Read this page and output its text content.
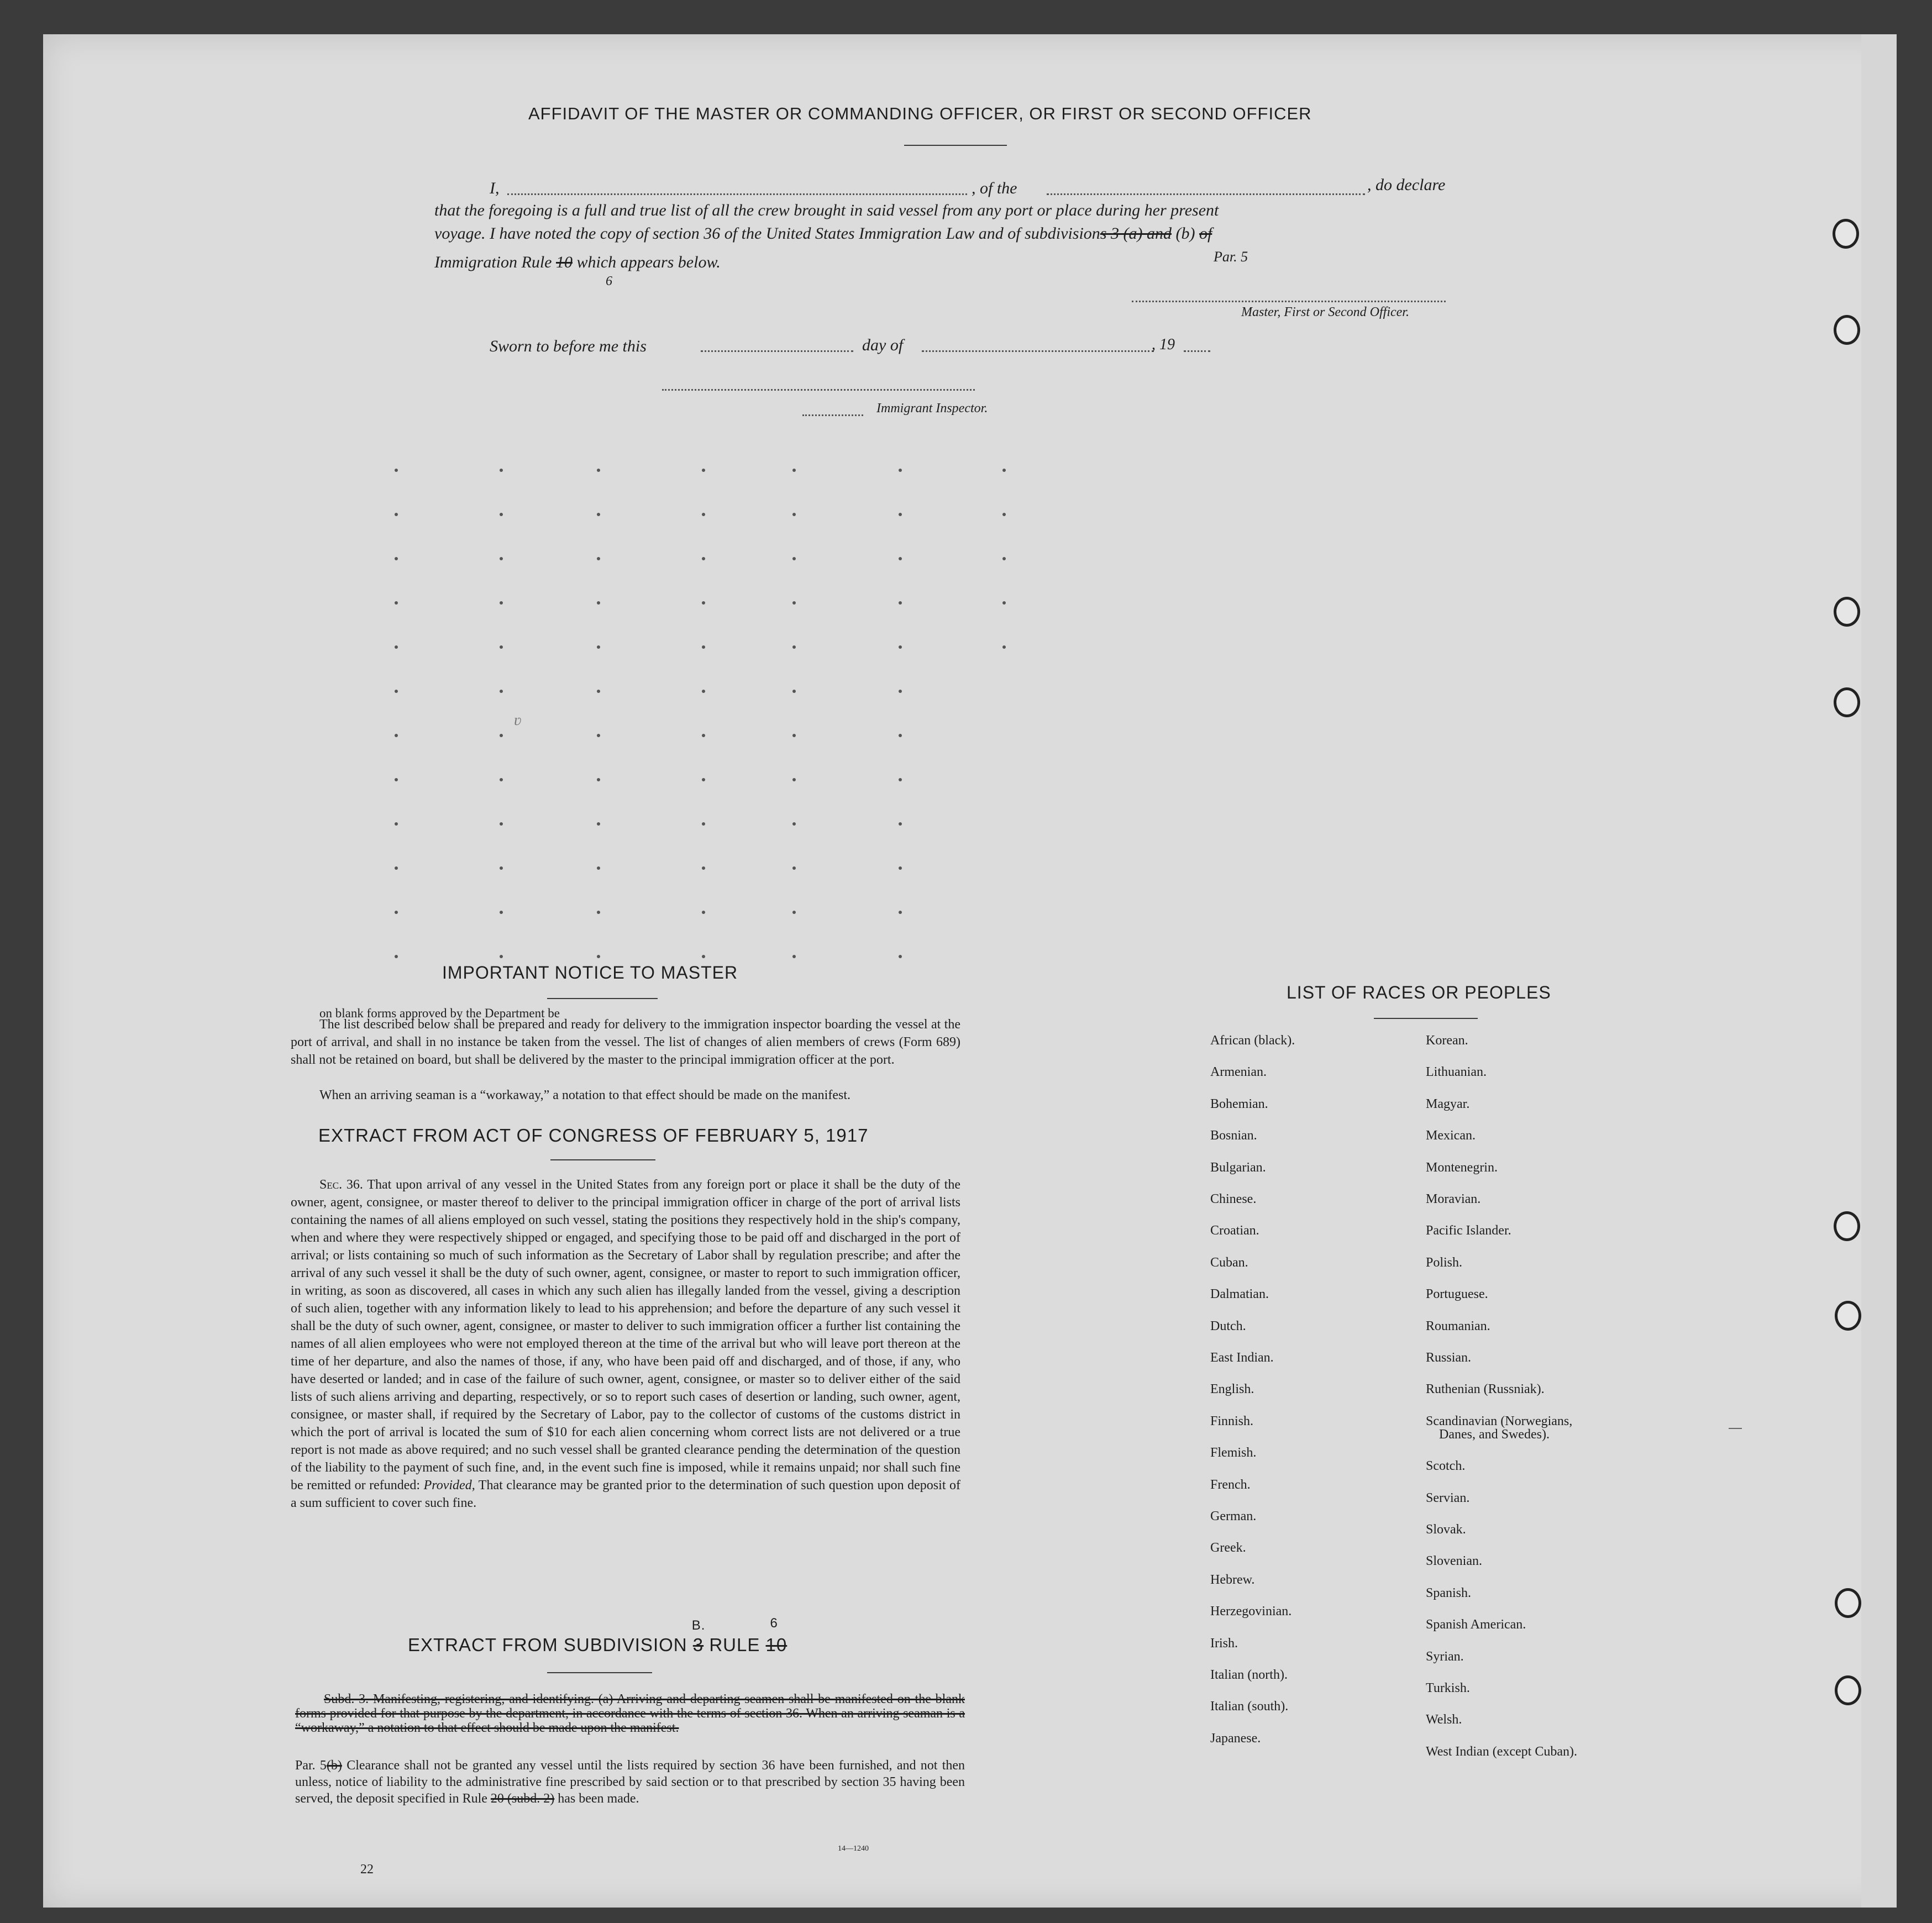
AFFIDAVIT OF THE MASTER OR COMMANDING OFFICER, OR FIRST OR SECOND OFFICER
I,	, of the	, do declare
that the foregoing is a full and true list of all the crew brought in said vessel from any port or place during her present
voyage. I have noted the copy of section 36 of the United States Immigration Law and of subdivisions 3 (a) and (b) of
Par. 5
Immigration Rule 10 which appears below.
6
Master, First or Second Officer.
Sworn to before me this	day of	, 19
Immigrant Inspector.
ʋ
IMPORTANT NOTICE TO MASTER
on blank forms approved by the Department be
The list described below shall be prepared and ready for delivery to the immigration inspector boarding the vessel at the port of arrival, and shall in no instance be taken from the vessel. The list of changes of alien members of crews (Form 689) shall not be retained on board, but shall be delivered by the master to the principal immigration officer at the port.
When an arriving seaman is a “workaway,” a notation to that effect should be made on the manifest.
EXTRACT FROM ACT OF CONGRESS OF FEBRUARY 5, 1917
Sec. 36. That upon arrival of any vessel in the United States from any foreign port or place it shall be the duty of the owner, agent, consignee, or master thereof to deliver to the principal immigration officer in charge of the port of arrival lists containing the names of all aliens employed on such vessel, stating the positions they respectively hold in the ship's company, when and where they were respectively shipped or engaged, and specifying those to be paid off and discharged in the port of arrival; or lists containing so much of such information as the Secretary of Labor shall by regulation prescribe; and after the arrival of any such vessel it shall be the duty of such owner, agent, consignee, or master to report to such immigration officer, in writing, as soon as discovered, all cases in which any such alien has illegally landed from the vessel, giving a description of such alien, together with any information likely to lead to his apprehension; and before the departure of any such vessel it shall be the duty of such owner, agent, consignee, or master to deliver to such immigration officer a further list containing the names of all alien employees who were not employed thereon at the time of the arrival but who will leave port thereon at the time of her departure, and also the names of those, if any, who have been paid off and discharged, and of those, if any, who have deserted or landed; and in case of the failure of such owner, agent, consignee, or master so to deliver either of the said lists of such aliens arriving and departing, respectively, or so to report such cases of desertion or landing, such owner, agent, consignee, or master shall, if required by the Secretary of Labor, pay to the collector of customs of the customs district in which the port of arrival is located the sum of $10 for each alien concerning whom correct lists are not delivered or a true report is not made as above required; and no such vessel shall be granted clearance pending the determination of the question of the liability to the payment of such fine, and, in the event such fine is imposed, while it remains unpaid; nor shall such fine be remitted or refunded: Provided, That clearance may be granted prior to the determination of such question upon deposit of a sum sufficient to cover such fine.
EXTRACT FROM SUBDIVISION 3
B.
RULE 10
6
Subd. 3. Manifesting, registering, and identifying. (a) Arriving and departing seamen shall be manifested on the blank forms provided for that purpose by the department, in accordance with the terms of section 36. When an arriving seaman is a “workaway,” a notation to that effect should be made upon the manifest.
Par. 5(b) Clearance shall not be granted any vessel until the lists required by section 36 have been furnished, and not then unless, notice of liability to the administrative fine prescribed by said section or to that prescribed by section 35 having been served, the deposit specified in Rule 20 (subd. 2) has been made.
14—1240
22
LIST OF RACES OR PEOPLES
African (black).
Armenian.
Bohemian.
Bosnian.
Bulgarian.
Chinese.
Croatian.
Cuban.
Dalmatian.
Dutch.
East Indian.
English.
Finnish.
Flemish.
French.
German.
Greek.
Hebrew.
Herzegovinian.
Irish.
Italian (north).
Italian (south).
Japanese.
Korean.
Lithuanian.
Magyar.
Mexican.
Montenegrin.
Moravian.
Pacific Islander.
Polish.
Portuguese.
Roumanian.
Russian.
Ruthenian (Russniak).
Scandinavian (Norwegians,
Danes, and Swedes).
Scotch.
Servian.
Slovak.
Slovenian.
Spanish.
Spanish American.
Syrian.
Turkish.
Welsh.
West Indian (except Cuban).
